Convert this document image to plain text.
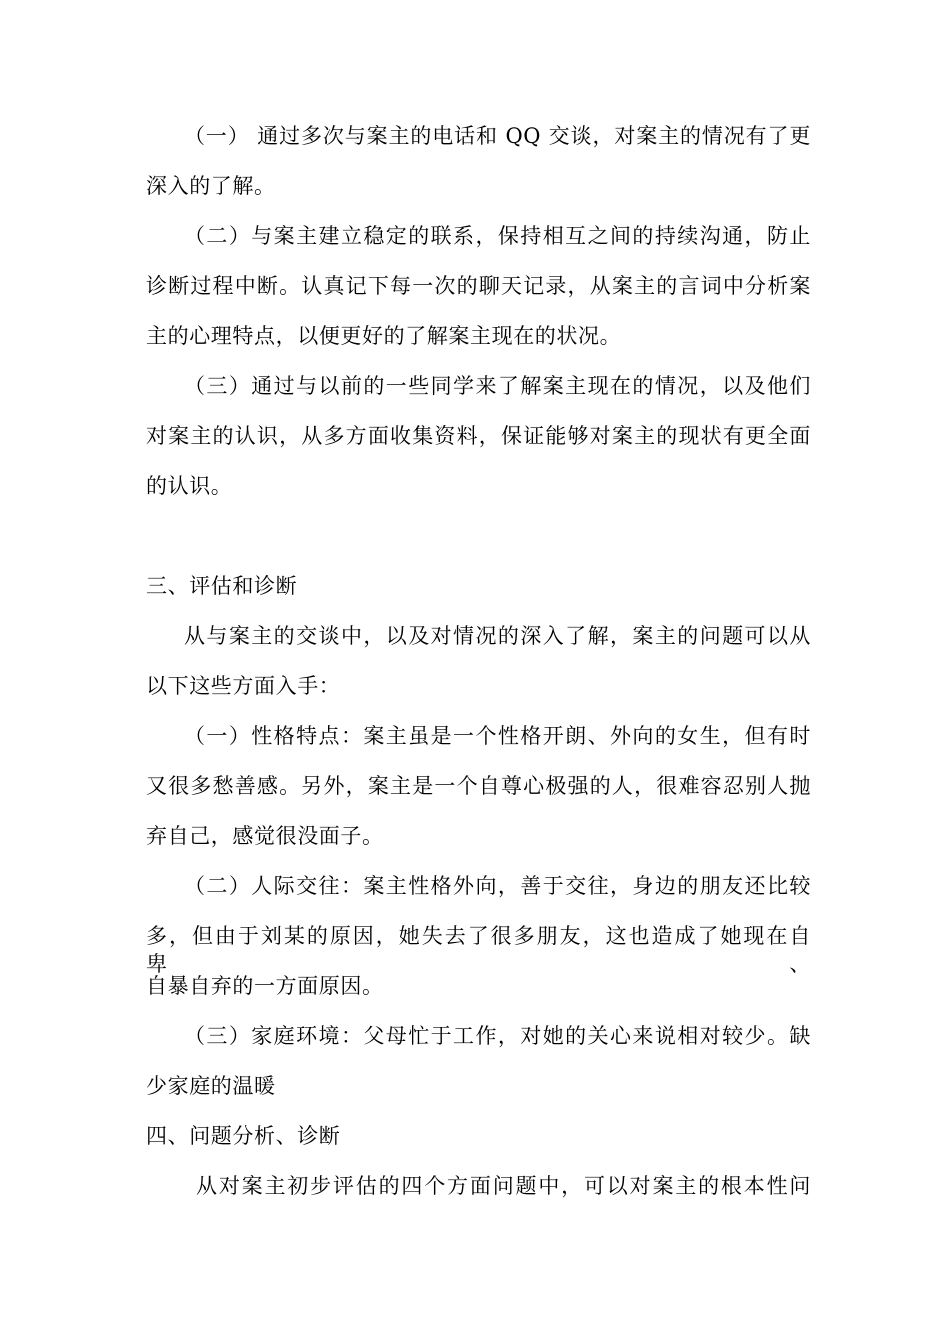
（一） 通过多次与案主的电话和 QQ 交谈，对案主的情况有了更
深入的了解。
（二）与案主建立稳定的联系，保持相互之间的持续沟通，防止
诊断过程中断。认真记下每一次的聊天记录，从案主的言词中分析案
主的心理特点，以便更好的了解案主现在的状况。
（三）通过与以前的一些同学来了解案主现在的情况，以及他们
对案主的认识，从多方面收集资料，保证能够对案主的现状有更全面
的认识。
三、评估和诊断
从与案主的交谈中，以及对情况的深入了解，案主的问题可以从
以下这些方面入手：
（一）性格特点：案主虽是一个性格开朗、外向的女生，但有时
又很多愁善感。另外，案主是一个自尊心极强的人，很难容忍别人抛
弃自己，感觉很没面子。
（二）人际交往：案主性格外向，善于交往，身边的朋友还比较
多，但由于刘某的原因，她失去了很多朋友，这也造成了她现在自卑、
自暴自弃的一方面原因。
（三）家庭环境：父母忙于工作，对她的关心来说相对较少。缺
少家庭的温暖
四、问题分析、诊断
从对案主初步评估的四个方面问题中，可以对案主的根本性问
